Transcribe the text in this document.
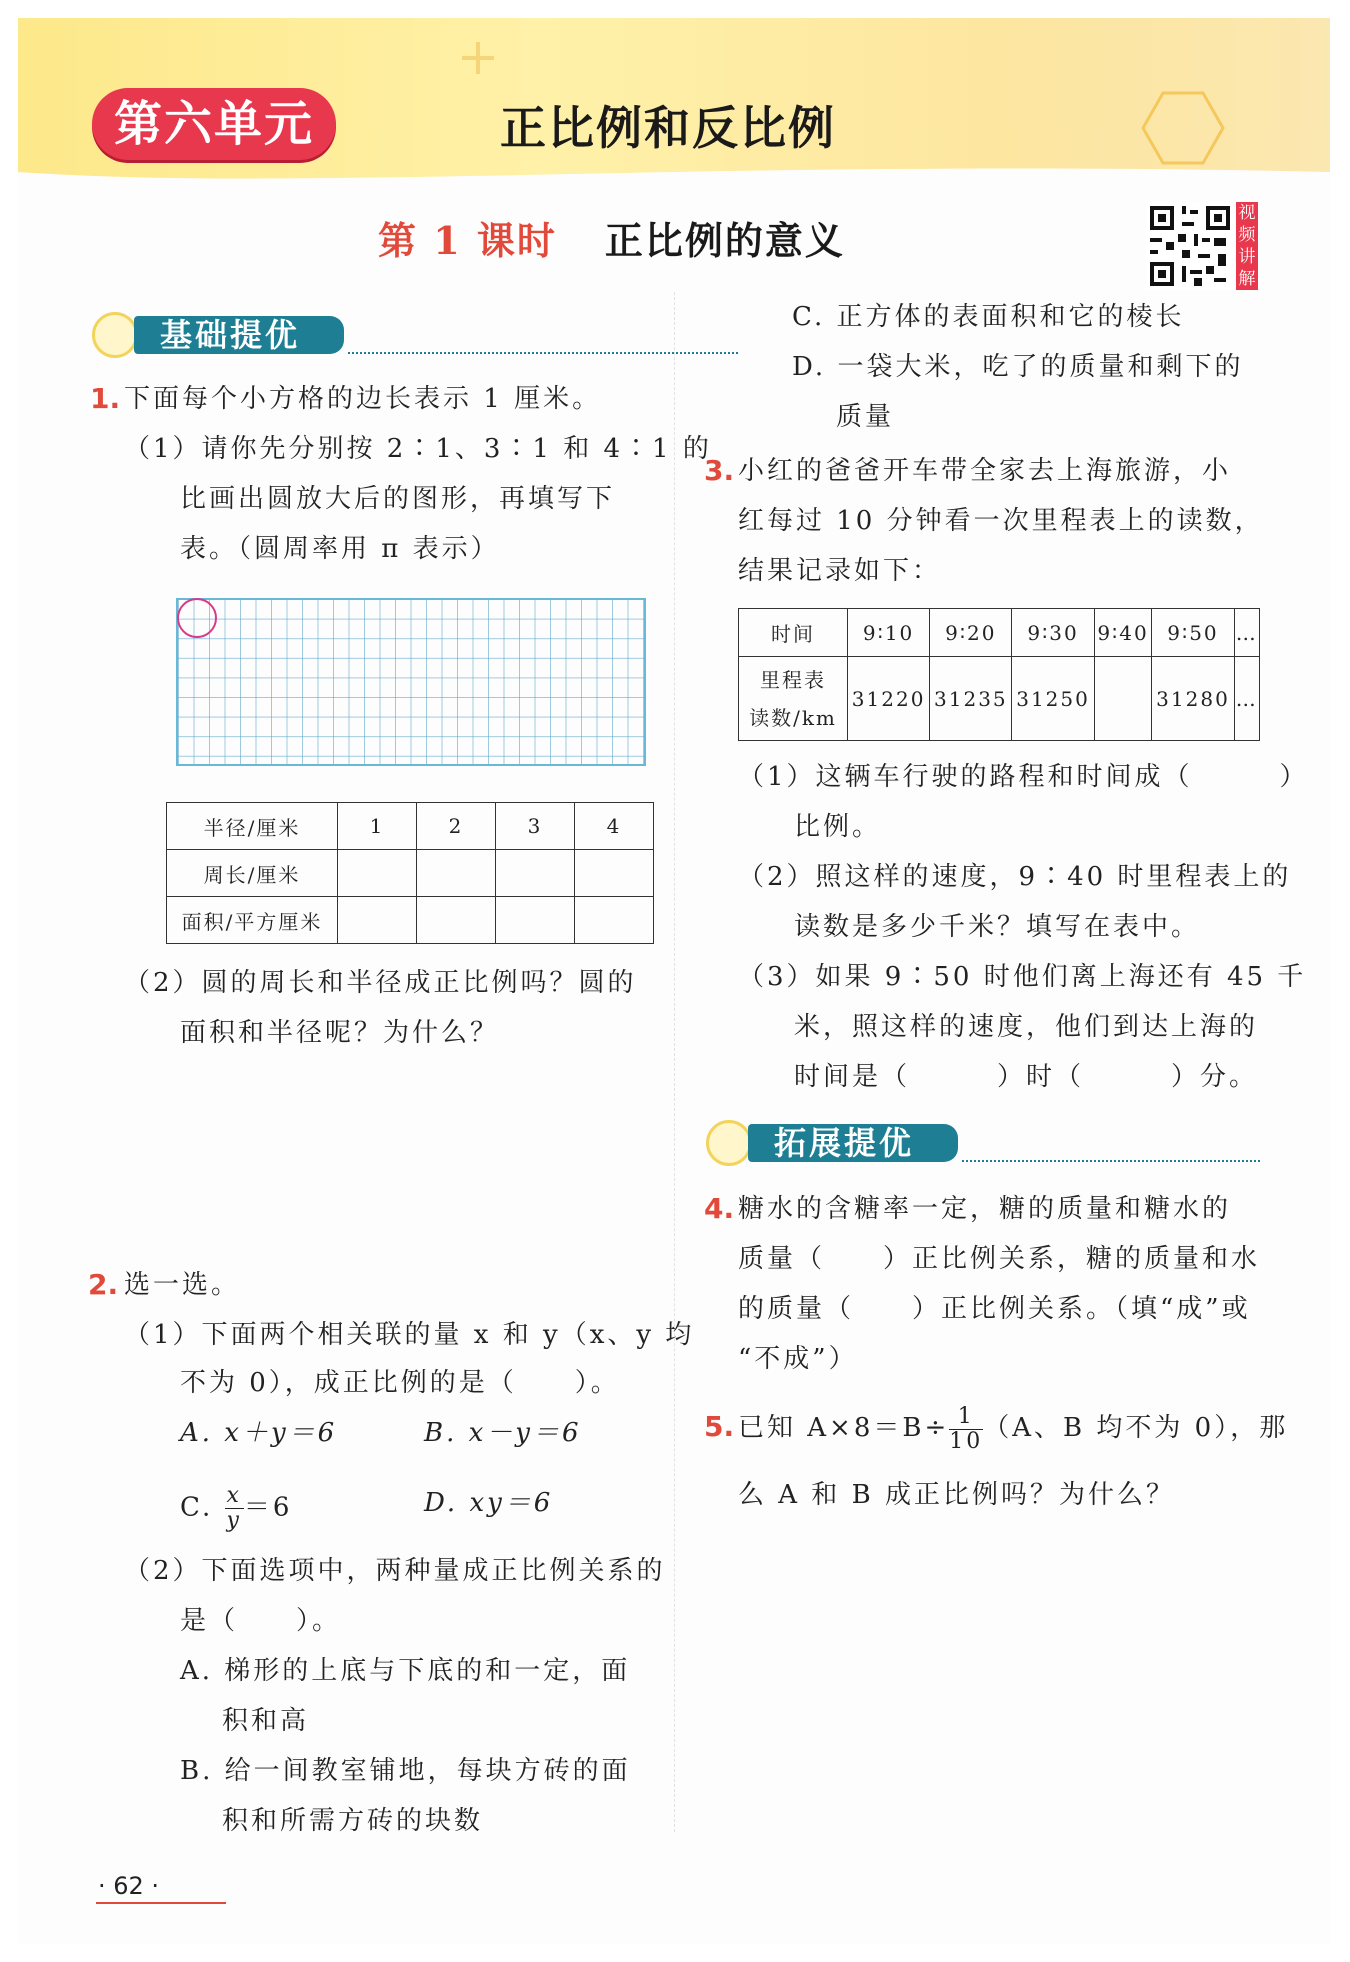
第六单元	正比例和反比例
第 1 课时 正比例的意义
视频讲解
基础提优
1. 下面每个小方格的边长表示 1 厘米。
（1）请你先分别按 2∶1、3∶1 和 4∶1 的
比画出圆放大后的图形，再填写下
表。（圆周率用 π 表示）
半径/厘米	1	2	3	4
周长/厘米				
面积/平方厘米				
（2）圆的周长和半径成正比例吗？圆的
面积和半径呢？为什么？
2. 选一选。
（1）下面两个相关联的量 x 和 y（x、y 均
不为 0），成正比例的是（　　）。
A. x＋y＝6	B. x－y＝6
C. $\frac{x}{y} =6$	D. xy＝6
（2）下面选项中，两种量成正比例关系的
是（　　）。
A. 梯形的上底与下底的和一定，面
积和高
B. 给一间教室铺地，每块方砖的面
积和所需方砖的块数
C. 正方体的表面积和它的棱长
D. 一袋大米，吃了的质量和剩下的
质量
3. 小红的爸爸开车带全家去上海旅游，小
红每过 10 分钟看一次里程表上的读数，
结果记录如下：
时间	9∶10	9∶20	9∶30	9∶40	9∶50	…
里程表
读数/km	31220	31235	31250		31280	…
（1）这辆车行驶的路程和时间成（　　　）
比例。
（2）照这样的速度，9∶40 时里程表上的
读数是多少千米？填写在表中。
（3）如果 9∶50 时他们离上海还有 45 千
米，照这样的速度，他们到达上海的
时间是（　　　）时（　　　）分。
拓展提优
4. 糖水的含糖率一定，糖的质量和糖水的
质量（　　）正比例关系，糖的质量和水
的质量（　　）正比例关系。（填“成”或
“不成”）
5. 已知 $A\times 8=B\div \frac{1}{10} (A$、B 均不为 0），那
么 A 和 B 成正比例吗？为什么？
· 62 ·
